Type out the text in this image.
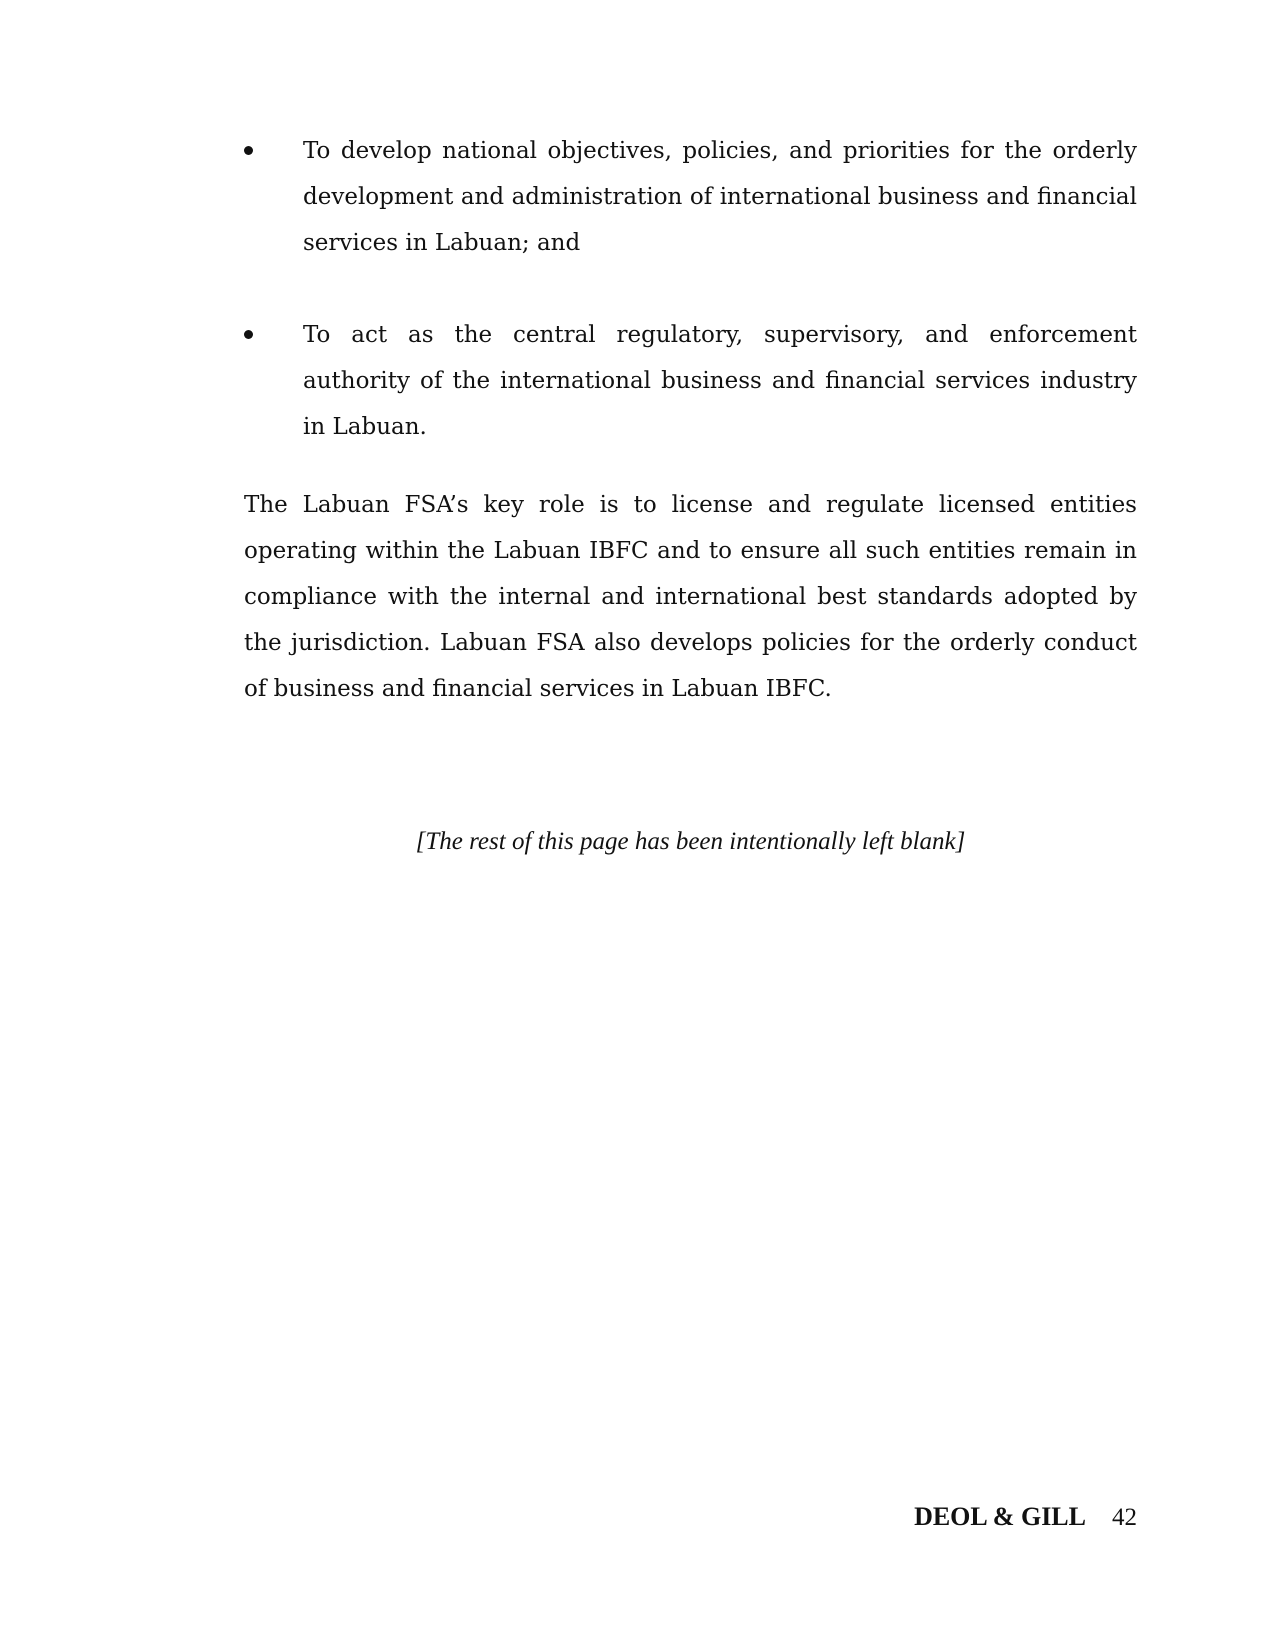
To develop national objectives, policies, and priorities for the orderly development and administration of international business and financial services in Labuan; and
To act as the central regulatory, supervisory, and enforcement authority of the international business and financial services industry in Labuan.

The Labuan FSA’s key role is to license and regulate licensed entities operating within the Labuan IBFC and to ensure all such entities remain in compliance with the internal and international best standards adopted by the jurisdiction. Labuan FSA also develops policies for the orderly conduct of business and financial services in Labuan IBFC.

[The rest of this page has been intentionally left blank]
DEOL & GILL 42
